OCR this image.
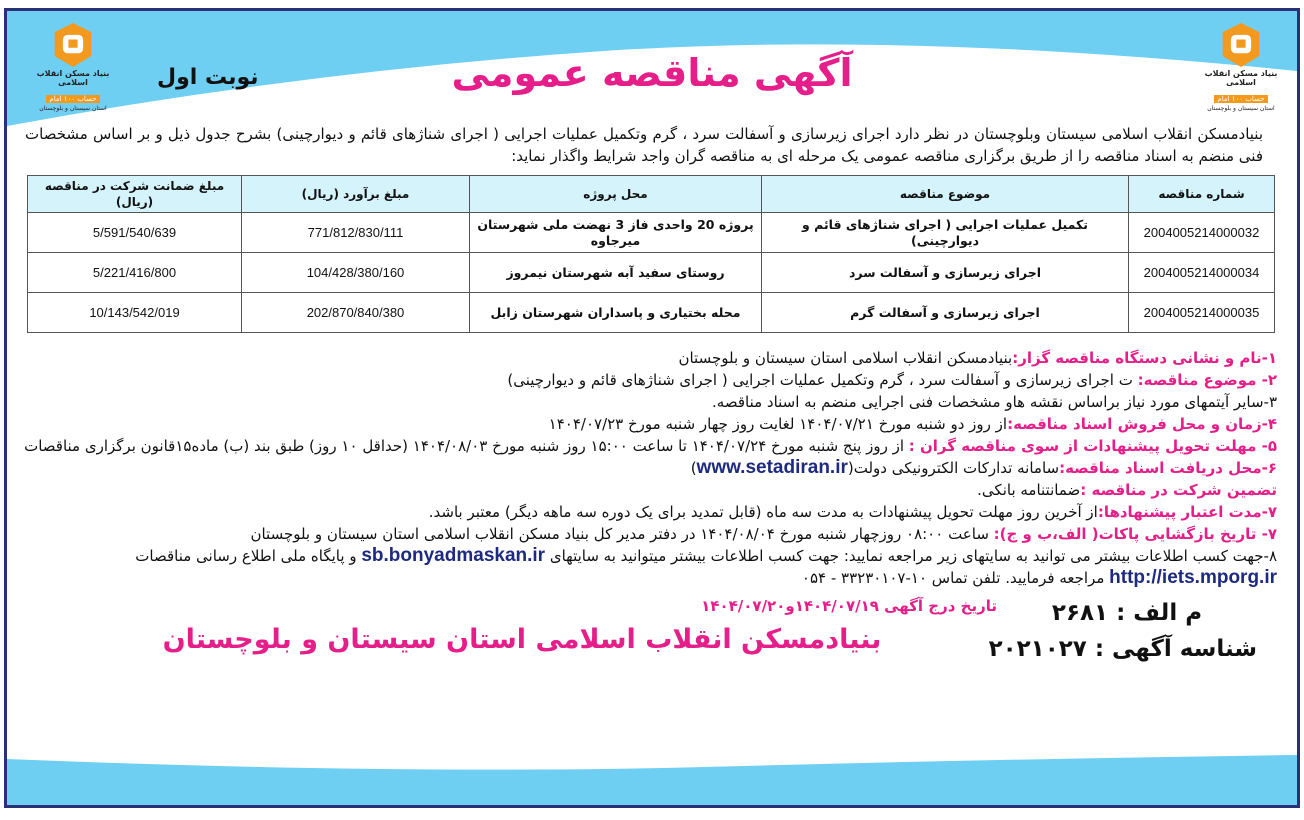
بنیاد مسکن انقلاب اسلامی
حساب ۱۰۰ امام
استان سیستان و بلوچستان
بنیاد مسکن انقلاب اسلامی
حساب ۱۰۰ امام
استان سیستان و بلوچستان
آگهی مناقصه عمومی
نوبت اول
بنیادمسکن انقلاب اسلامی سیستان وبلوچستان در نظر دارد اجرای زیرسازی و آسفالت سرد ، گرم وتکمیل عملیات اجرایی ( اجرای شناژهای قائم و دیوارچینی) بشرح جدول ذیل و بر اساس مشخصات فنی منضم به اسناد مناقصه را از طریق برگزاری مناقصه عمومی یک مرحله ای به مناقصه گران واجد شرایط واگذار نماید:
شماره مناقصه	موضوع مناقصه	محل پروژه	مبلغ برآورد (ریال)	مبلغ ضمانت شرکت در مناقصه (ریال)
2004005214000032	تکمیل عملیات اجرایی ( اجرای شناژهای قائم و دیوارچینی)	پروژه 20 واحدی فاز 3 نهضت ملی شهرستان میرجاوه	771/812/830/111	5/591/540/639
2004005214000034	اجرای زیرسازی و آسفالت سرد	روستای سفید آبه شهرستان نیمروز	104/428/380/160	5/221/416/800
2004005214000035	اجرای زیرسازی و آسفالت گرم	محله بختیاری و پاسداران شهرستان زابل	202/870/840/380	10/143/542/019
۱-نام و نشانی دستگاه مناقصه گزار:بنیادمسکن انقلاب اسلامی استان سیستان و بلوچستان
۲- موضوع مناقصه: ت اجرای زیرسازی و آسفالت سرد ، گرم وتکمیل عملیات اجرایی ( اجرای شناژهای قائم و دیوارچینی)
۳-سایر آیتمهای مورد نیاز براساس نقشه هاو مشخصات فنی اجرایی منضم به اسناد مناقصه.
۴-زمان و محل فروش اسناد مناقصه:از روز دو شنبه مورخ ۱۴۰۴/۰۷/۲۱ لغایت روز چهار شنبه مورخ ۱۴۰۴/۰۷/۲۳
۵- مهلت تحویل پیشنهادات از سوی مناقصه گران : از روز پنج شنبه مورخ ۱۴۰۴/۰۷/۲۴ تا ساعت ۱۵:۰۰ روز شنبه مورخ ۱۴۰۴/۰۸/۰۳ (حداقل ۱۰ روز) طبق بند (ب) ماده۱۵قانون برگزاری مناقصات
۶-محل دریافت اسناد مناقصه:سامانه تدارکات الکترونیکی دولت(www.setadiran.ir)
تضمین شرکت در مناقصه :ضمانتنامه بانکی.
۷-مدت اعتبار پیشنهادها:از آخرین روز مهلت تحویل پیشنهادات به مدت سه ماه (قابل تمدید برای یک دوره سه ماهه دیگر) معتبر باشد.
۷- تاریخ بازگشایی پاکات( الف،ب و ج): ساعت ۰۸:۰۰ روزچهار شنبه مورخ ۱۴۰۴/۰۸/۰۴ در دفتر مدیر کل بنیاد مسکن انقلاب اسلامی استان سیستان و بلوچستان
۸-جهت کسب اطلاعات بیشتر می توانید به سایتهای زیر مراجعه نمایید: جهت کسب اطلاعات بیشتر میتوانید به سایتهای sb.bonyadmaskan.ir و پایگاه ملی اطلاع رسانی مناقصات http://iets.mporg.ir مراجعه فرمایید. تلفن تماس ۱۰-۳۳۲۳۰۱۰۷ - ۰۵۴
تاریخ درج آگهی ۱۴۰۴/۰۷/۱۹و۱۴۰۴/۰۷/۲۰
بنیادمسکن انقلاب اسلامی استان سیستان و بلوچستان
م الف : ۲۶۸۱
شناسه آگهی : ۲۰۲۱۰۲۷
